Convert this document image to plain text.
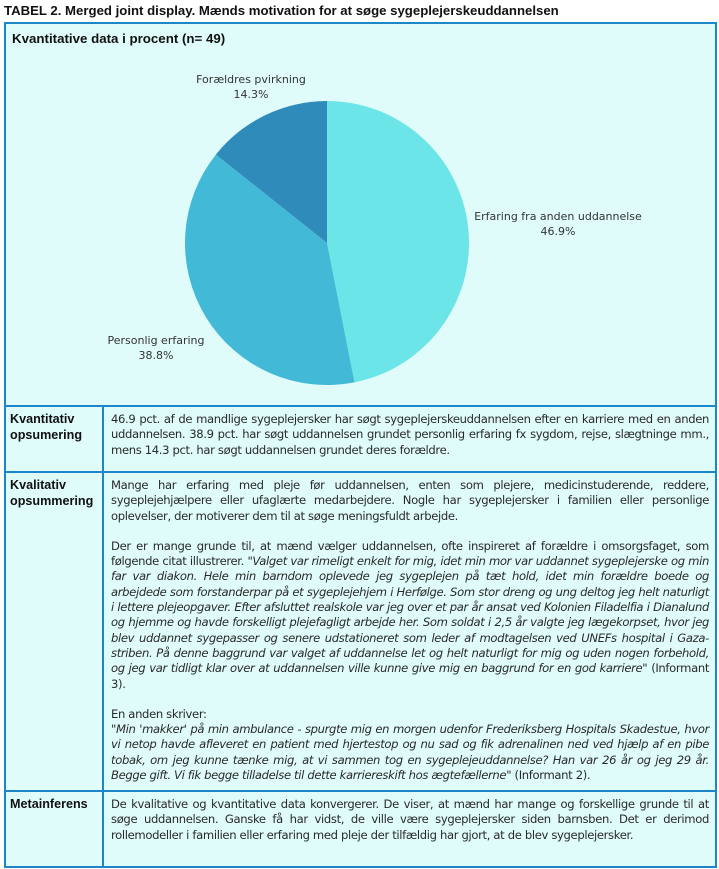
TABEL 2. Merged joint display. Mænds motivation for at søge sygeplejerskeuddannelsen
Kvantitative data i procent (n= 49)
Erfaring fra anden uddannelse
46.9%
Personlig erfaring
38.8%
Forældres pvirkning
14.3%
Kvantitativ opsumering

46.9 pct. af de mandlige sygeplejersker har søgt sygeplejerskeuddannelsen efter en karriere med en anden uddannelsen. 38.9 pct. har søgt uddannelsen grundet personlig erfaring fx sygdom, rejse, slægtninge mm., mens 14.3 pct. har søgt uddannelsen grundet deres forældre.

Kvalitativ opsummering

Mange har erfaring med pleje før uddannelsen, enten som plejere, medicinstuderende, reddere, sygeplejehjælpere eller ufaglærte medarbejdere. Nogle har sygeplejersker i familien eller personlige oplevelser, der motiverer dem til at søge meningsfuldt arbejde.

Der er mange grunde til, at mænd vælger uddannelsen, ofte inspireret af forældre i omsorgsfaget, som følgende citat illustrerer. "Valget var rimeligt enkelt for mig, idet min mor var uddannet sygeplejerske og min far var diakon. Hele min barndom oplevede jeg sygeplejen på tæt hold, idet min forældre boede og arbejdede som forstanderpar på et sygeplejehjem i Herfølge. Som stor dreng og ung deltog jeg helt naturligt i lettere plejeopgaver. Efter afsluttet realskole var jeg over et par år ansat ved Kolonien Filadelfia i Dianalund og hjemme og havde forskelligt plejefagligt arbejde her. Som soldat i 2,5 år valgte jeg lægekorpset, hvor jeg blev uddannet sygepasser og senere udstationeret som leder af modtagelsen ved UNEFs hospital i Gaza-striben. På denne baggrund var valget af uddannelse let og helt naturligt for mig og uden nogen forbehold, og jeg var tidligt klar over at uddannelsen ville kunne give mig en baggrund for en god karriere" (Informant 3).

En anden skriver:
"Min 'makker' på min ambulance - spurgte mig en morgen udenfor Frederiksberg Hospitals Skadestue, hvor vi netop havde afleveret en patient med hjertestop og nu sad og fik adrenalinen ned ved hjælp af en pibe tobak, om jeg kunne tænke mig, at vi sammen tog en sygeplejeuddannelse? Han var 26 år og jeg 29 år. Begge gift. Vi fik begge tilladelse til dette karriereskift hos ægtefællerne" (Informant 2).

Metainferens	De kvalitative og kvantitative data konvergerer. De viser, at mænd har mange og forskellige grunde til at søge uddannelsen. Ganske få har vidst, de ville være sygeplejersker siden barnsben. Det er derimod rollemodeller i familien eller erfaring med pleje der tilfældig har gjort, at de blev sygeplejersker.
